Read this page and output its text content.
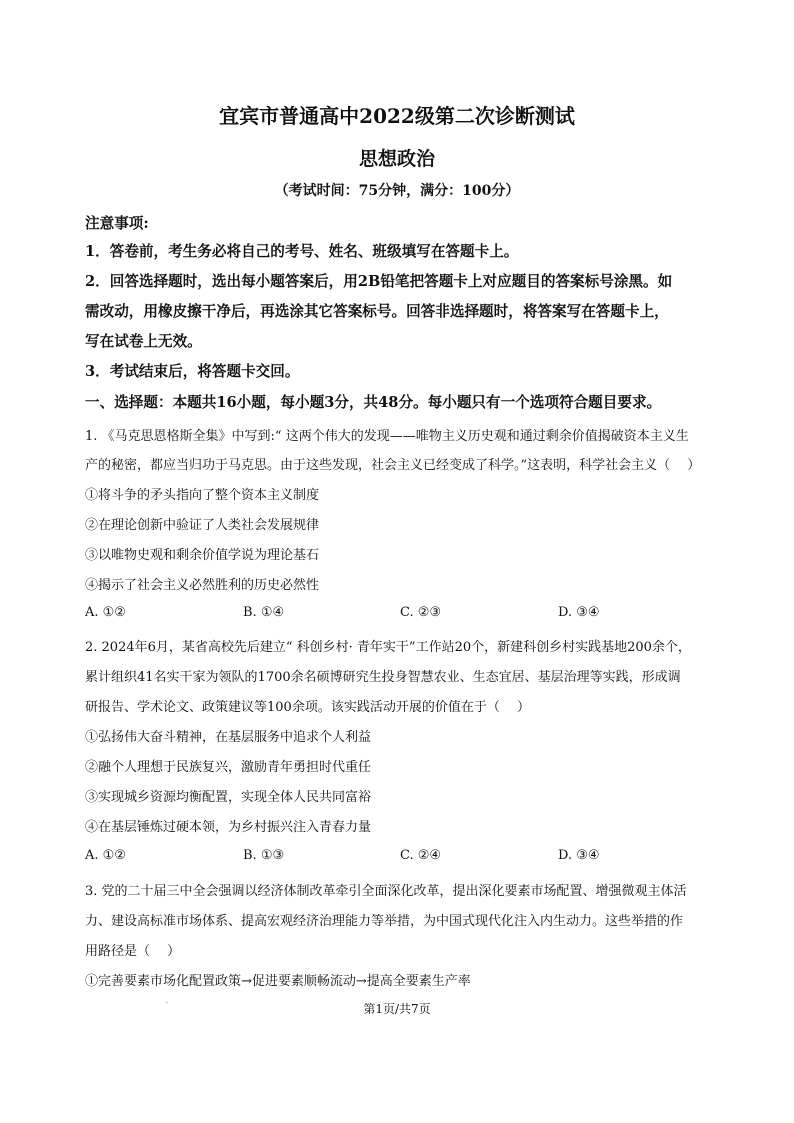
宜宾市普通高中2022级第二次诊断测试
思想政治
（考试时间：75分钟，满分：100分）
注意事项:
1．答卷前，考生务必将自己的考号、姓名、班级填写在答题卡上。
2．回答选择题时，选出每小题答案后，用2B铅笔把答题卡上对应题目的答案标号涂黑。如
需改动，用橡皮擦干净后，再选涂其它答案标号。回答非选择题时，将答案写在答题卡上，
写在试卷上无效。
3．考试结束后，将答题卡交回。
一、选择题：本题共16小题，每小题3分，共48分。每小题只有一个选项符合题目要求。
1. 《马克思恩格斯全集》中写到:“ 这两个伟大的发现——唯物主义历史观和通过剩余价值揭破资本主义生
产的秘密，都应当归功于马克思。由于这些发现，社会主义已经变成了科学。”这表明，科学社会主义（　 ）
①将斗争的矛头指向了整个资本主义制度
②在理论创新中验证了人类社会发展规律
③以唯物史观和剩余价值学说为理论基石
④揭示了社会主义必然胜利的历史必然性
A. ①②	B. ①④	C. ②③	D. ③④
2. 2024年6月，某省高校先后建立“ 科创乡村· 青年实干”工作站20个，新建科创乡村实践基地200余个，
累计组织41名实干家为领队的1700余名硕博研究生投身智慧农业、生态宜居、基层治理等实践，形成调
研报告、学术论文、政策建议等100余项。该实践活动开展的价值在于（　 ）
①弘扬伟大奋斗精神，在基层服务中追求个人利益
②融个人理想于民族复兴，激励青年勇担时代重任
③实现城乡资源均衡配置，实现全体人民共同富裕
④在基层锤炼过硬本领，为乡村振兴注入青春力量
A. ①②	B. ①③	C. ②④	D. ③④
3. 党的二十届三中全会强调以经济体制改革牵引全面深化改革，提出深化要素市场配置、增强微观主体活
力、建设高标准市场体系、提高宏观经济治理能力等举措，为中国式现代化注入内生动力。这些举措的作
用路径是（　 ）
①完善要素市场化配置政策→促进要素顺畅流动→提高全要素生产率
.
第1页/共7页
